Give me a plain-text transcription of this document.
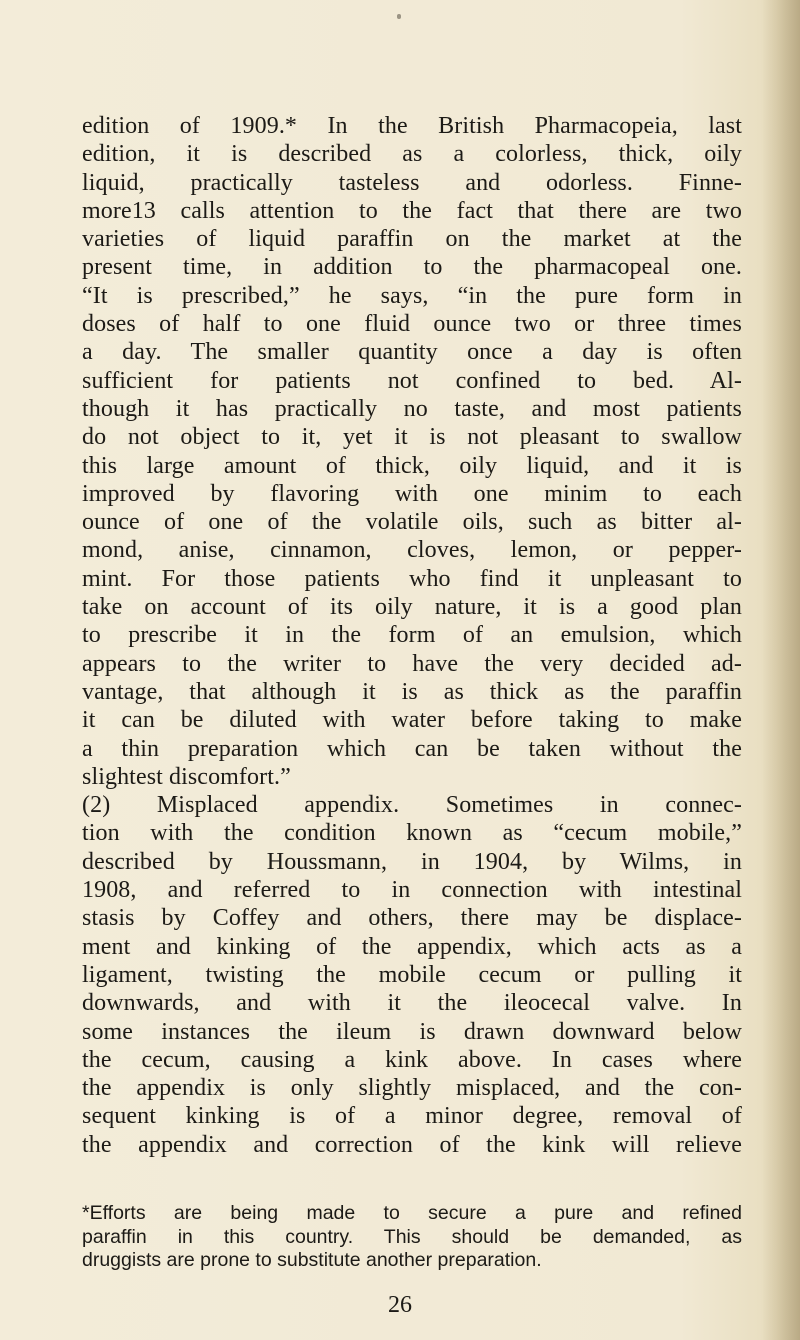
edition of 1909.* In the British Pharmacopeia, last
edition, it is described as a colorless, thick, oily
liquid, practically tasteless and odorless. Finne-
more13 calls attention to the fact that there are two
varieties of liquid paraffin on the market at the
present time, in addition to the pharmacopeal one.
“It is prescribed,” he says, “in the pure form in
doses of half to one fluid ounce two or three times
a day. The smaller quantity once a day is often
sufficient for patients not confined to bed. Al-
though it has practically no taste, and most patients
do not object to it, yet it is not pleasant to swallow
this large amount of thick, oily liquid, and it is
improved by flavoring with one minim to each
ounce of one of the volatile oils, such as bitter al-
mond, anise, cinnamon, cloves, lemon, or pepper-
mint. For those patients who find it unpleasant to
take on account of its oily nature, it is a good plan
to prescribe it in the form of an emulsion, which
appears to the writer to have the very decided ad-
vantage, that although it is as thick as the paraffin
it can be diluted with water before taking to make
a thin preparation which can be taken without the
slightest discomfort.”
(2) Misplaced appendix. Sometimes in connec-
tion with the condition known as “cecum mobile,”
described by Houssmann, in 1904, by Wilms, in
1908, and referred to in connection with intestinal
stasis by Coffey and others, there may be displace-
ment and kinking of the appendix, which acts as a
ligament, twisting the mobile cecum or pulling it
downwards, and with it the ileocecal valve. In
some instances the ileum is drawn downward below
the cecum, causing a kink above. In cases where
the appendix is only slightly misplaced, and the con-
sequent kinking is of a minor degree, removal of
the appendix and correction of the kink will relieve
*Efforts are being made to secure a pure and refined
paraffin in this country. This should be demanded, as
druggists are prone to substitute another preparation.
26
